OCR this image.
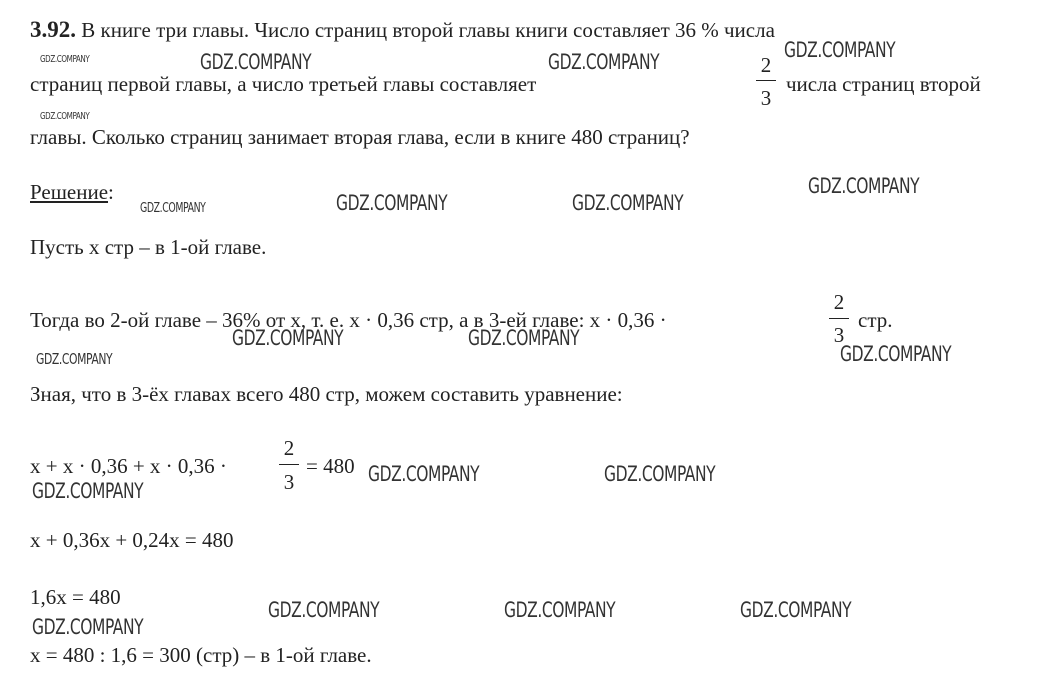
3.92. В книге три главы. Число страниц второй главы книги составляет 36 % числа
страниц первой главы, а число третьей главы составляет
2
3
числа страниц второй
главы. Сколько страниц занимает вторая глава, если в книге 480 страниц?
Решение:
Пусть x стр – в 1-ой главе.
Тогда во 2-ой главе – 36% от x, т. е. x · 0,36 стр, а в 3-ей главе: x · 0,36 ·
2
3
стр.
Зная, что в 3-ёх главах всего 480 стр, можем составить уравнение:
x + x · 0,36 + x · 0,36 ·
2
3
= 480
x + 0,36x + 0,24x = 480
1,6x = 480
x = 480 : 1,6 = 300 (стр) – в 1-ой главе.
GDZ.COMPANY	GDZ.COMPANY	GDZ.COMPANY	GDZ.COMPANY
GDZ.COMPANY
GDZ.COMPANY	GDZ.COMPANY	GDZ.COMPANY
GDZ.COMPANY
GDZ.COMPANY	GDZ.COMPANY
GDZ.COMPANY	GDZ.COMPANY
GDZ.COMPANY	GDZ.COMPANY
GDZ.COMPANY
GDZ.COMPANY	GDZ.COMPANY	GDZ.COMPANY
GDZ.COMPANY
